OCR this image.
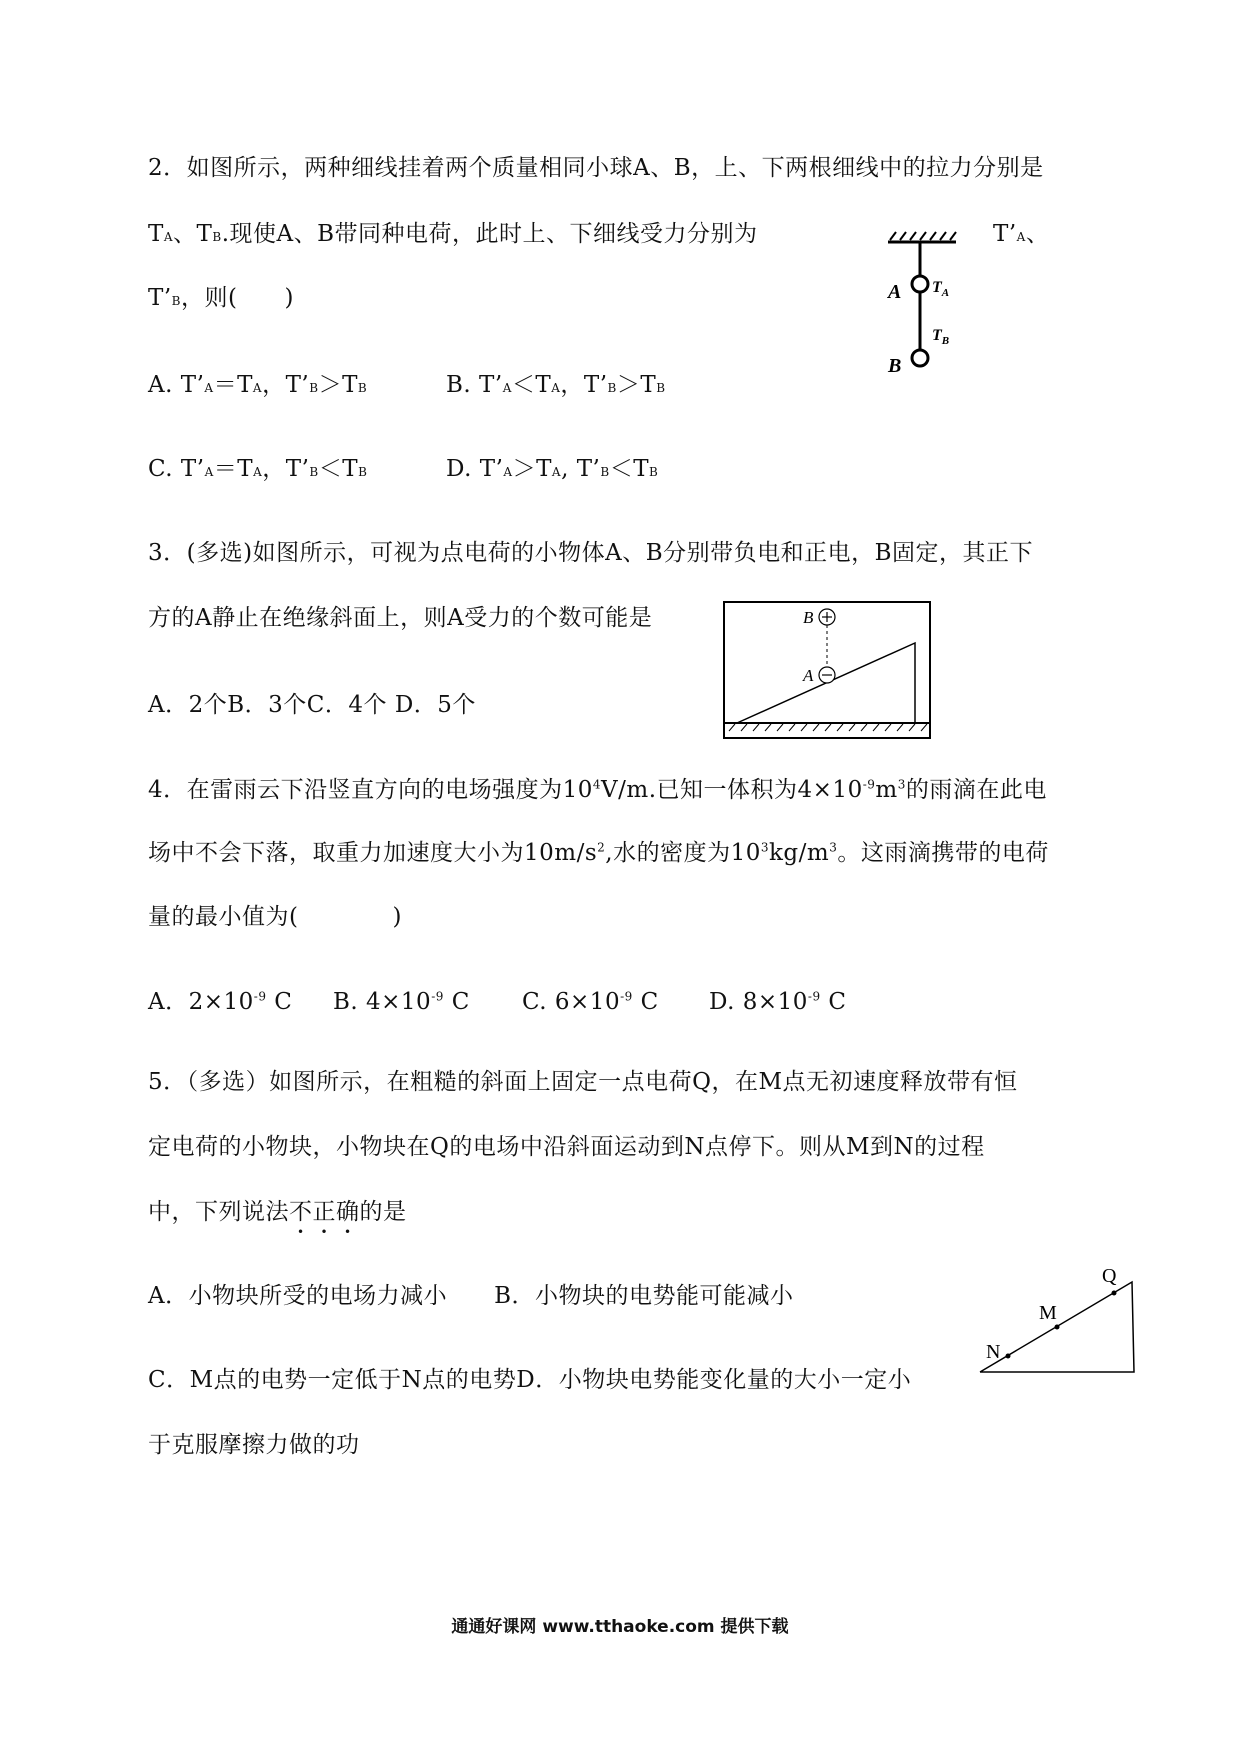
2．如图所示，两种细线挂着两个质量相同小球A、B，上、下两根细线中的拉力分别是
TA、TB.现使A、B带同种电荷，此时上、下细线受力分别为	T’A、
T’B，则(　　)
A. T’A＝TA，T’B＞TB	B. T’A＜TA，T’B＞TB
C. T’A＝TA，T’B＜TB	D. T’A＞TA, T’B＜TB
A
B
$T_A$
$T_B$
3．(多选)如图所示，可视为点电荷的小物体A、B分别带负电和正电，B固定，其正下
方的A静止在绝缘斜面上，则A受力的个数可能是
A．2个B．3个C．4个 D．5个
B
A
4．在雷雨云下沿竖直方向的电场强度为$10^4V/m$.已知一体积为$4\times 10^{-9}m^3$的雨滴在此电
场中不会下落，取重力加速度大小为$10m/s^2$,水的密度为$10^3kg/m^3$。这雨滴携带的电荷
量的最小值为(　　　　)
A．$2\times 10^{-9}$ C B. $4\times 10^{-9}$ C C. $6\times 10^{-9}$ C D. $8\times 10^{-9}$ C
5．（多选）如图所示，在粗糙的斜面上固定一点电荷Q，在M点无初速度释放带有恒
定电荷的小物块，小物块在Q的电场中沿斜面运动到N点停下。则从M到N的过程
中，下列说法不正确的是
A．小物块所受的电场力减小　　B．小物块的电势能可能减小
C．M点的电势一定低于N点的电势D．小物块电势能变化量的大小一定小
于克服摩擦力做的功
Q
M
N
通通好课网 www.tthaoke.com 提供下载
